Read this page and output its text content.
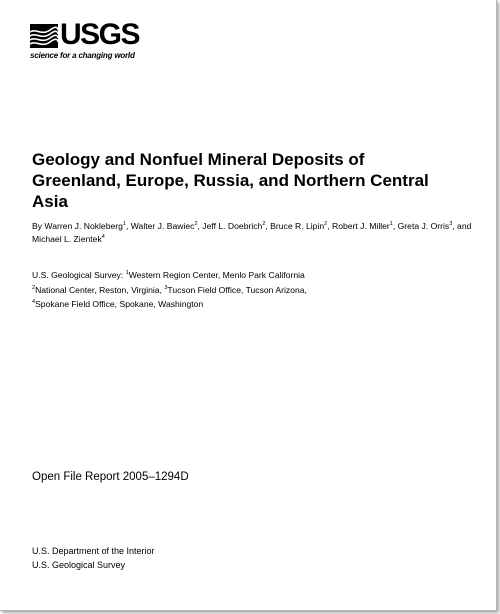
USGS
science for a changing world
Geology and Nonfuel Mineral Deposits of Greenland, Europe, Russia, and Northern Central Asia
By Warren J. Nokleberg$^1$, Walter J. Bawiec$^2$, Jeff L. Doebrich$^2$, Bruce R. Lipin$^2$, Robert J. Miller$^1$, Greta J. Orris$^3$, and Michael L. Zientek$^4$
U.S. Geological Survey: $^1$Western Region Center, Menlo Park California
$^2$National Center, Reston, Virginia, $^3$Tucson Field Office, Tucson Arizona,
$^4$Spokane Field Office, Spokane, Washington
Open File Report 2005–1294D
U.S. Department of the Interior
U.S. Geological Survey
